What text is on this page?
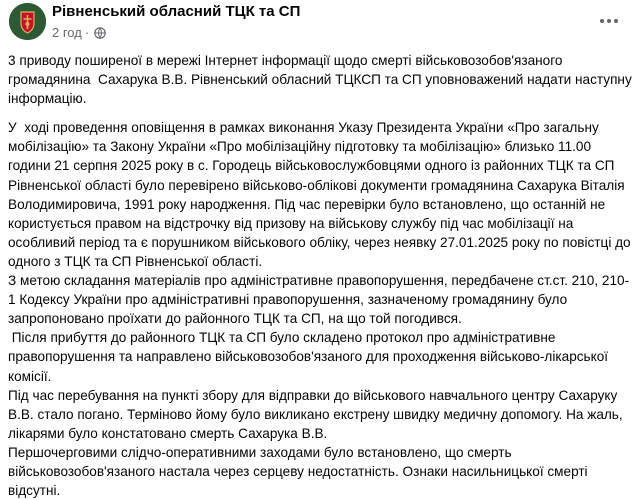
Рівненський обласний ТЦК та СП
2 год ·

3 приводу поширеної в мережі Інтернет інформації щодо смерті військовозобов'язаного громадянина  Сахарука В.В. Рівненський обласний ТЦКСП та СП уповноважений надати наступну інформацію.

У  ході проведення оповіщення в рамках виконання Указу Президента України «Про загальну мобілізацію» та Закону України «Про мобілізаційну підготовку та мобілізацію» близько 11.00 години 21 серпня 2025 року в с. Городець військовослужбовцями одного із районних ТЦК та СП Рівненської області було перевірено військово-облікові документи громадянина Сахарука Віталія Володимировича, 1991 року народження. Під час перевірки було встановлено, що останній не користується правом на відстрочку від призову на військову службу під час мобілізації на особливий період та є порушником військового обліку, через неявку 27.01.2025 року по повістці до одного з ТЦК та СП Рівненської області.

З метою складання матеріалів про адміністративне правопорушення, передбачене ст.ст. 210, 210-1 Кодексу України про адміністративні правопорушення, зазначеному громадянину було запропоновано проїхати до районного ТЦК та СП, на що той погодився.

Після прибуття до районного ТЦК та СП було складено протокол про адміністративне правопорушення та направлено військовозобов'язаного для проходження військово-лікарської комісії.

Під час перебування на пункті збору для відправки до військового навчального центру Сахаруку В.В. стало погано. Терміново йому було викликано екстрену швидку медичну допомогу. На жаль, лікарями було констатовано смерть Сахарука В.В.

Першочерговими слідчо-оперативними заходами було встановлено, що смерть військовозобов'язаного настала через серцеву недостатність. Ознаки насильницької смерті відсутні.
